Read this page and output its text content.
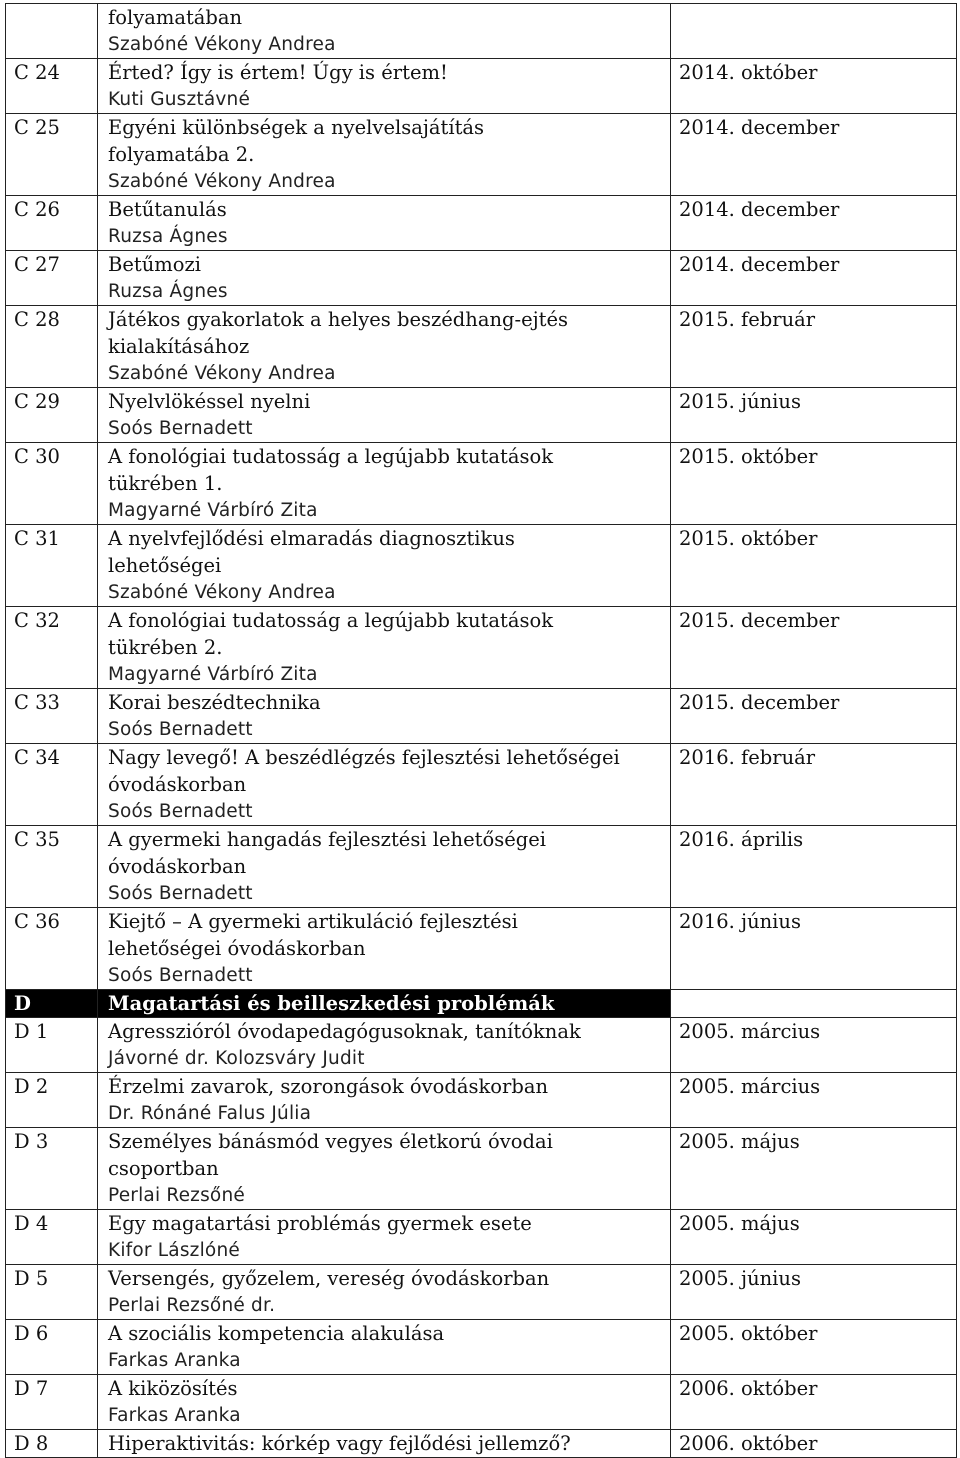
	folyamatában
Szabóné Vékony Andrea	

C 24	Érted? Így is értem! Úgy is értem!
Kuti Gusztávné	2014. október
C 25	Egyéni különbségek a nyelvelsajátítás
folyamatába 2.
Szabóné Vékony Andrea	2014. december
C 26	Betűtanulás
Ruzsa Ágnes	2014. december
C 27	Betűmozi
Ruzsa Ágnes	2014. december
C 28	Játékos gyakorlatok a helyes beszédhang-ejtés
kialakításához
Szabóné Vékony Andrea	2015. február
C 29	Nyelvlökéssel nyelni
Soós Bernadett	2015. június
C 30	A fonológiai tudatosság a legújabb kutatások
tükrében 1.
Magyarné Várbíró Zita	2015. október
C 31	A nyelvfejlődési elmaradás diagnosztikus
lehetőségei
Szabóné Vékony Andrea	2015. október
C 32	A fonológiai tudatosság a legújabb kutatások
tükrében 2.
Magyarné Várbíró Zita	2015. december
C 33	Korai beszédtechnika
Soós Bernadett	2015. december
C 34	Nagy levegő! A beszédlégzés fejlesztési lehetőségei
óvodáskorban
Soós Bernadett	2016. február
C 35	A gyermeki hangadás fejlesztési lehetőségei
óvodáskorban
Soós Bernadett	2016. április
C 36	Kiejtő – A gyermeki artikuláció fejlesztési
lehetőségei óvodáskorban
Soós Bernadett	2016. június
D	Magatartási és beilleszkedési problémák	
D 1	Agresszióról óvodapedagógusoknak, tanítóknak
Jávorné dr. Kolozsváry Judit	2005. március
D 2	Érzelmi zavarok, szorongások óvodáskorban
Dr. Rónáné Falus Júlia	2005. március
D 3	Személyes bánásmód vegyes életkorú óvodai
csoportban
Perlai Rezsőné	2005. május
D 4	Egy magatartási problémás gyermek esete
Kifor Lászlóné	2005. május
D 5	Versengés, győzelem, vereség óvodáskorban
Perlai Rezsőné dr.	2005. június
D 6	A szociális kompetencia alakulása
Farkas Aranka	2005. október
D 7	A kiközösítés
Farkas Aranka	2006. október
D 8	Hiperaktivitás: kórkép vagy fejlődési jellemző?	2006. október
